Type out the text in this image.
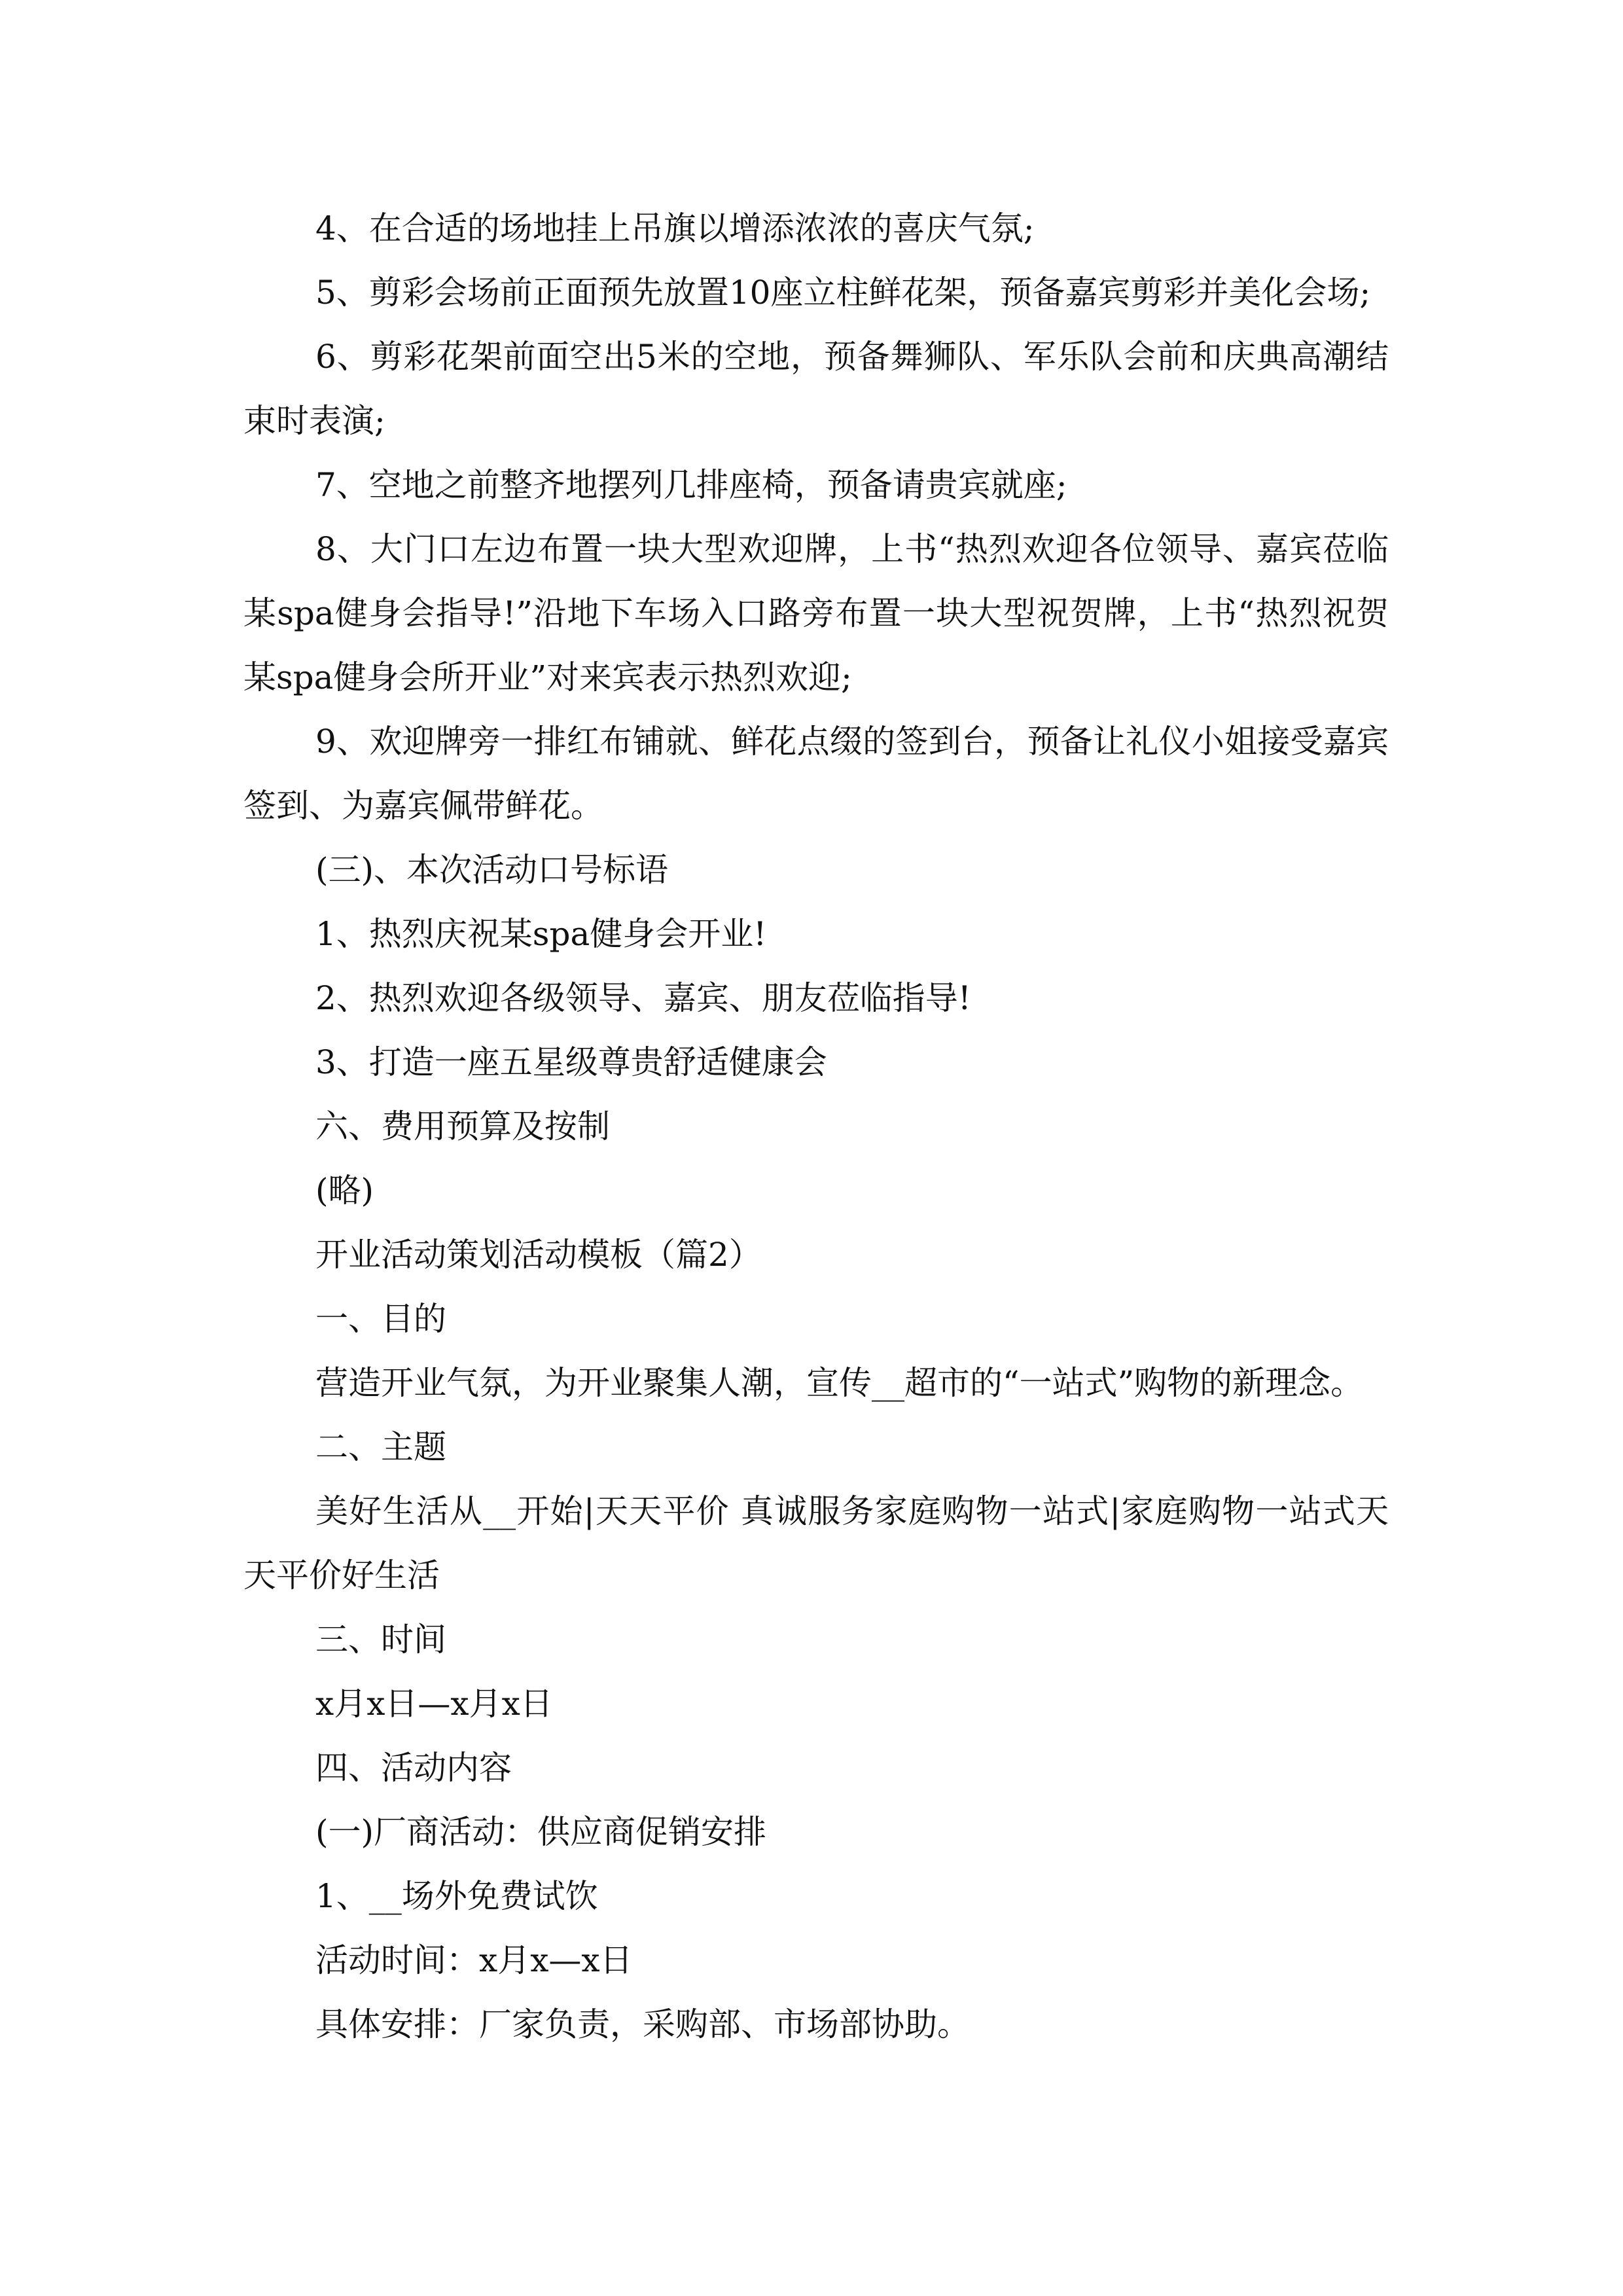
4、在合适的场地挂上吊旗以增添浓浓的喜庆气氛;

5、剪彩会场前正面预先放置10座立柱鲜花架，预备嘉宾剪彩并美化会场;

6、剪彩花架前面空出5米的空地，预备舞狮队、军乐队会前和庆典高潮结束时表演;

7、空地之前整齐地摆列几排座椅，预备请贵宾就座;

8、大门口左边布置一块大型欢迎牌，上书“热烈欢迎各位领导、嘉宾莅临某spa健身会指导!”沿地下车场入口路旁布置一块大型祝贺牌，上书“热烈祝贺某spa健身会所开业”对来宾表示热烈欢迎;

9、欢迎牌旁一排红布铺就、鲜花点缀的签到台，预备让礼仪小姐接受嘉宾签到、为嘉宾佩带鲜花。

(三)、本次活动口号标语

1、热烈庆祝某spa健身会开业!

2、热烈欢迎各级领导、嘉宾、朋友莅临指导!

3、打造一座五星级尊贵舒适健康会

六、费用预算及按制

(略)

开业活动策划活动模板（篇2）

一、目的

营造开业气氛，为开业聚集人潮，宣传__超市的“一站式”购物的新理念。

二、主题

美好生活从__开始|天天平价 真诚服务家庭购物一站式|家庭购物一站式天天平价好生活

三、时间

x月x日—x月x日

四、活动内容

(一)厂商活动：供应商促销安排

1、__场外免费试饮

活动时间：x月x—x日

具体安排：厂家负责，采购部、市场部协助。
